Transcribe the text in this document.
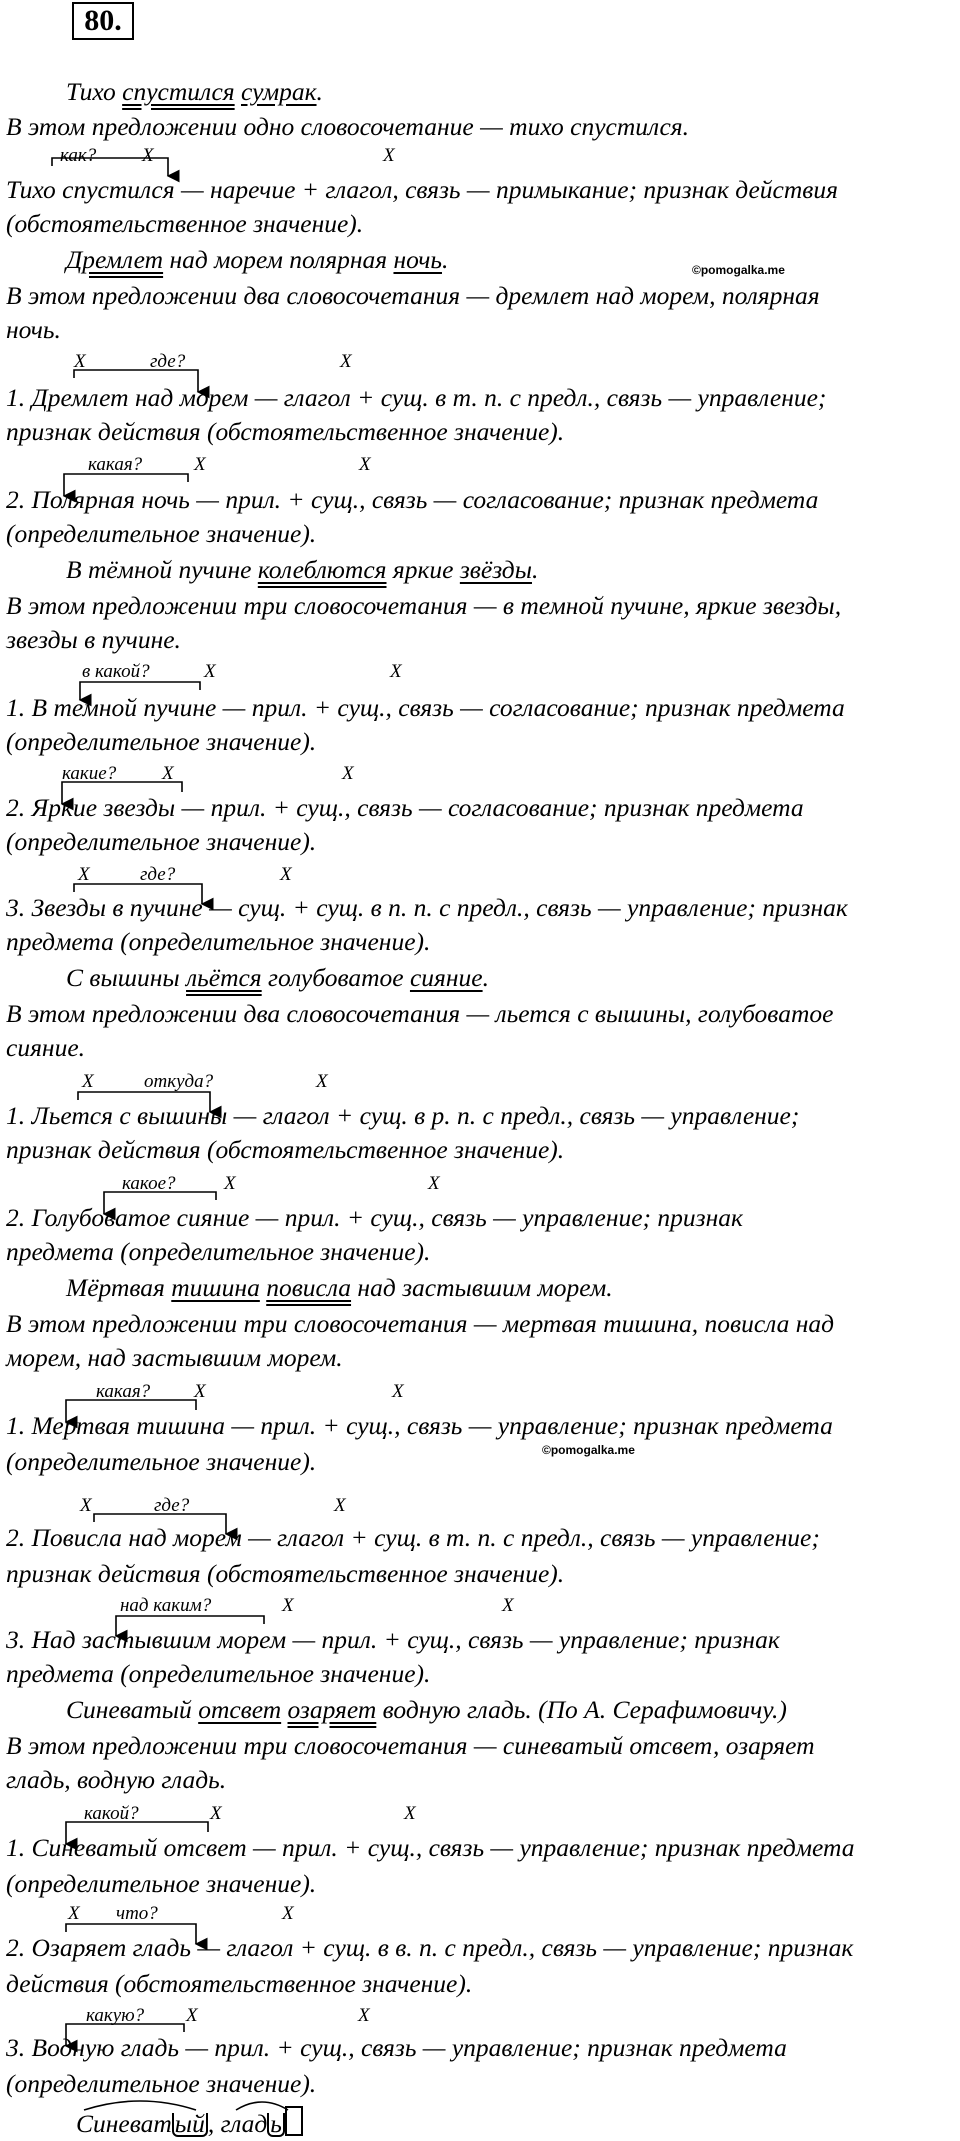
80.
Тихо спустился сумрак.
В этом предложении одно словосочетание — тихо спустился.
как? X	X
Тихо спустился — наречие + глагол, связь — примыкание; признак действия
(обстоятельственное значение).
Дремлет над морем полярная ночь.	©pomogalka.me
В этом предложении два словосочетания — дремлет над морем, полярная
ночь.
X	где?	X
1. Дремлет над морем — глагол + сущ. в т. п. с предл., связь — управление;
признак действия (обстоятельственное значение).
какая?	X	X
2. Полярная ночь — прил. + сущ., связь — согласование; признак предмета
(определительное значение).
В тёмной пучине колеблются яркие звёзды.
В этом предложении три словосочетания — в темной пучине, яркие звезды,
звезды в пучине.
в какой?	X	X
1. В темной пучине — прил. + сущ., связь — согласование; признак предмета
(определительное значение).
какие? X	X
2. Яркие звезды — прил. + сущ., связь — согласование; признак предмета
(определительное значение).
X	где?	X
3. Звезды в пучине — сущ. + сущ. в п. п. с предл., связь — управление; признак
предмета (определительное значение).
С вышины льётся голубоватое сияние.
В этом предложении два словосочетания — льется с вышины, голубоватое
сияние.
X	откуда?	X
1. Льется с вышины — глагол + сущ. в р. п. с предл., связь — управление;
признак действия (обстоятельственное значение).
какое?	X	X
2. Голубоватое сияние — прил. + сущ., связь — управление; признак
предмета (определительное значение).
Мёртвая тишина повисла над застывшим морем.
В этом предложении три словосочетания — мертвая тишина, повисла над
морем, над застывшим морем.
какая? X	X
1. Мертвая тишина — прил. + сущ., связь — управление; признак предмета
©pomogalka.me
(определительное значение).
X	где?	X
2. Повисла над морем — глагол + сущ. в т. п. с предл., связь — управление;
признак действия (обстоятельственное значение).
над каким?	X	X
3. Над застывшим морем — прил. + сущ., связь — управление; признак
предмета (определительное значение).
Синеватый отсвет озаряет водную гладь. (По А. Серафимовичу.)
В этом предложении три словосочетания — синеватый отсвет, озаряет
гладь, водную гладь.
какой?	X	X
1. Синеватый отсвет — прил. + сущ., связь — управление; признак предмета
(определительное значение).
X что?	X
2. Озаряет гладь — глагол + сущ. в в. п. с предл., связь — управление; признак
действия (обстоятельственное значение).
какую? X	X
3. Водную гладь — прил. + сущ., связь — управление; признак предмета
(определительное значение).
Синеват ый , глад ь
